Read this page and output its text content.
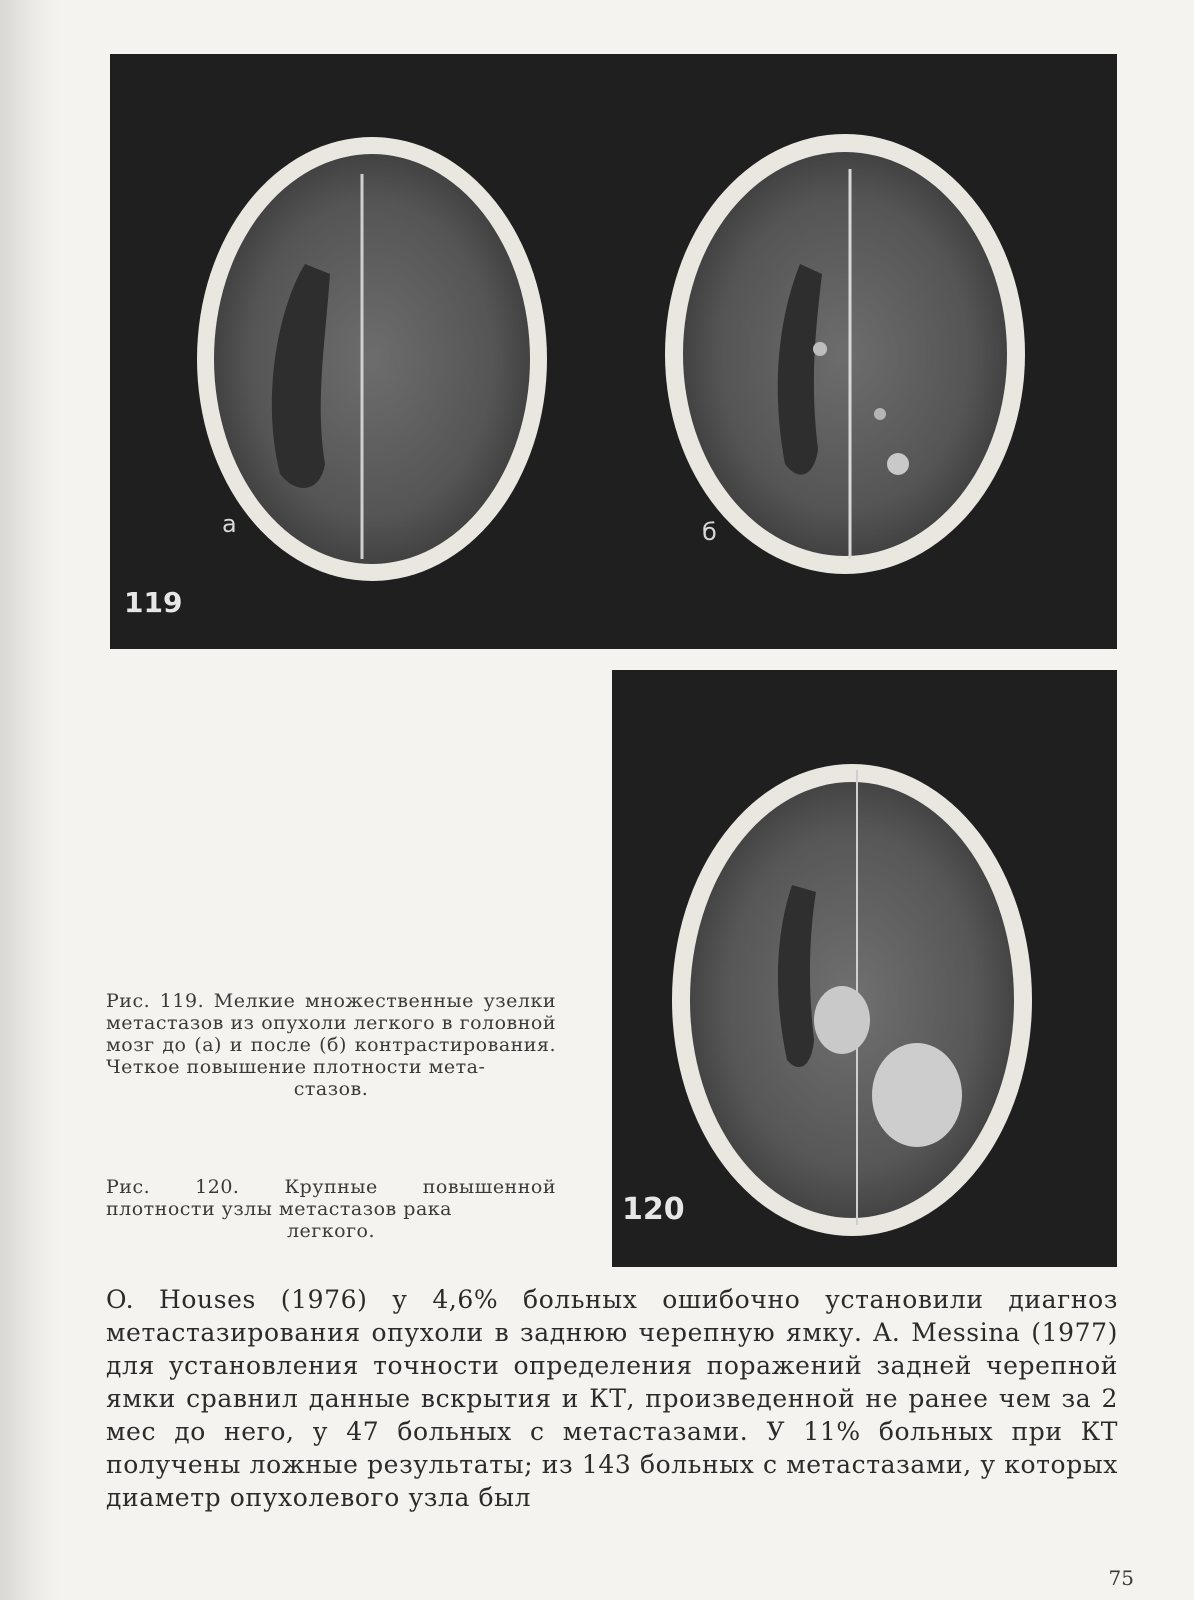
а	б
119
120
Рис. 119. Мелкие множественные узелки метастазов из опухоли легкого в головной мозг до (а) и после (б) контрастирования. Четкое повышение плотности мета-
стазов.
Рис. 120. Крупные повышенной плотности узлы метастазов рака
легкого.
O. Houses (1976) у 4,6% больных ошибочно установили диагноз метастазирования опухоли в заднюю черепную ямку. A. Messina (1977) для установления точности определения поражений задней черепной ямки сравнил данные вскрытия и КТ, произведенной не ранее чем за 2 мес до него, у 47 больных с метастазами. У 11% больных при КТ получены ложные результаты; из 143 больных с метастазами, у которых диаметр опухолевого узла был
75
